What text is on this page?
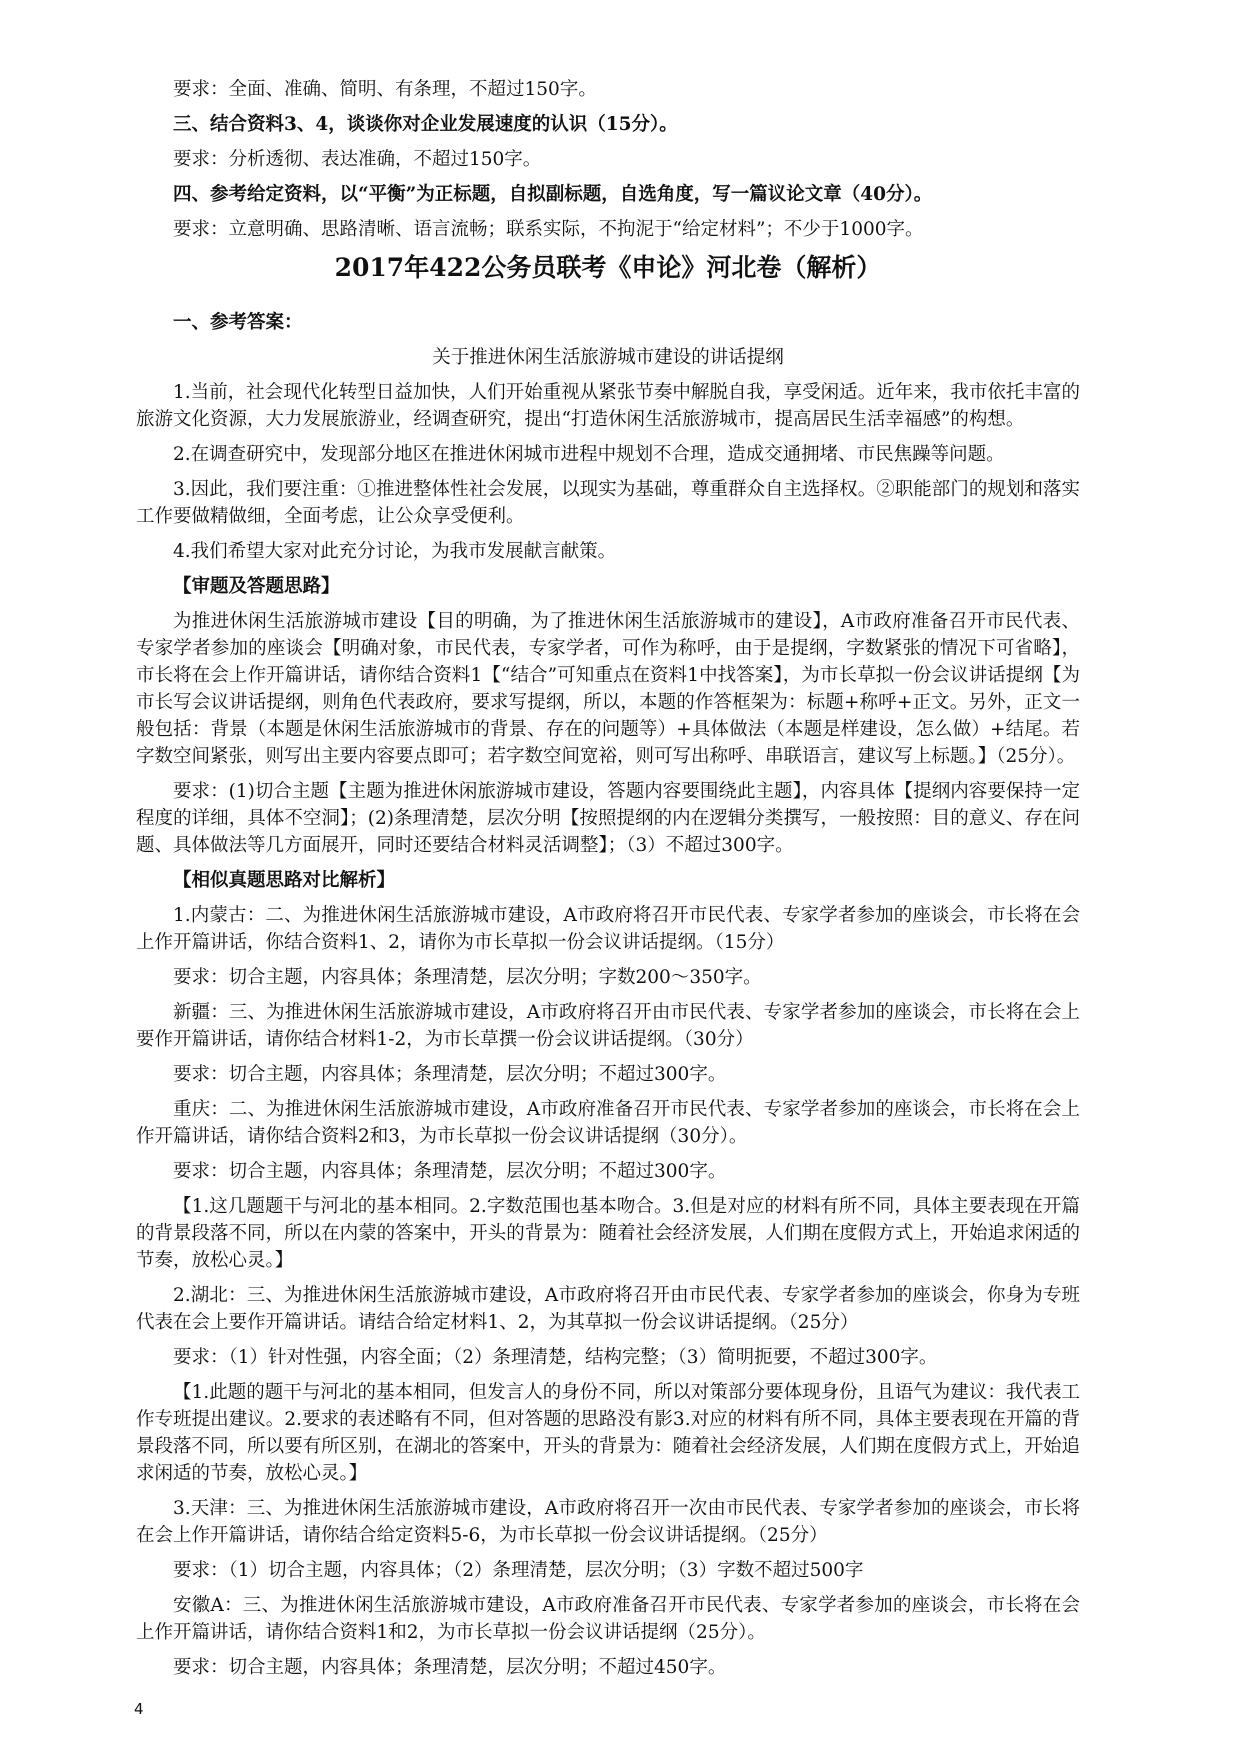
要求：全面、准确、简明、有条理，不超过150字。

三、结合资料3、4，谈谈你对企业发展速度的认识（15分）。

要求：分析透彻、表达准确，不超过150字。

四、参考给定资料，以“平衡”为正标题，自拟副标题，自选角度，写一篇议论文章（40分）。

要求：立意明确、思路清晰、语言流畅；联系实际，不拘泥于“给定材料”；不少于1000字。

2017年422公务员联考《申论》河北卷（解析）

一、参考答案：

关于推进休闲生活旅游城市建设的讲话提纲

1.当前，社会现代化转型日益加快，人们开始重视从紧张节奏中解脱自我，享受闲适。近年来，我市依托丰富的旅游文化资源，大力发展旅游业，经调查研究，提出“打造休闲生活旅游城市，提高居民生活幸福感”的构想。

2.在调查研究中，发现部分地区在推进休闲城市进程中规划不合理，造成交通拥堵、市民焦躁等问题。

3.因此，我们要注重：①推进整体性社会发展，以现实为基础，尊重群众自主选择权。②职能部门的规划和落实工作要做精做细，全面考虑，让公众享受便利。

4.我们希望大家对此充分讨论，为我市发展献言献策。

【审题及答题思路】

为推进休闲生活旅游城市建设【目的明确，为了推进休闲生活旅游城市的建设】，A市政府准备召开市民代表、专家学者参加的座谈会【明确对象，市民代表，专家学者，可作为称呼，由于是提纲，字数紧张的情况下可省略】，市长将在会上作开篇讲话，请你结合资料1【“结合”可知重点在资料1中找答案】，为市长草拟一份会议讲话提纲【为市长写会议讲话提纲，则角色代表政府，要求写提纲，所以，本题的作答框架为：标题+称呼+正文。另外，正文一般包括：背景（本题是休闲生活旅游城市的背景、存在的问题等）+具体做法（本题是样建设，怎么做）+结尾。若字数空间紧张，则写出主要内容要点即可；若字数空间宽裕，则可写出称呼、串联语言，建议写上标题。】（25分）。

要求：(1)切合主题【主题为推进休闲旅游城市建设，答题内容要围绕此主题】，内容具体【提纲内容要保持一定程度的详细，具体不空洞】；(2)条理清楚，层次分明【按照提纲的内在逻辑分类撰写，一般按照：目的意义、存在问题、具体做法等几方面展开，同时还要结合材料灵活调整】；（3）不超过300字。

【相似真题思路对比解析】

1.内蒙古：二、为推进休闲生活旅游城市建设，A市政府将召开市民代表、专家学者参加的座谈会，市长将在会上作开篇讲话，你结合资料1、2，请你为市长草拟一份会议讲话提纲。（15分）

要求：切合主题，内容具体；条理清楚，层次分明；字数200～350字。

新疆：三、为推进休闲生活旅游城市建设，A市政府将召开由市民代表、专家学者参加的座谈会，市长将在会上要作开篇讲话，请你结合材料1-2，为市长草撰一份会议讲话提纲。（30分）

要求：切合主题，内容具体；条理清楚，层次分明；不超过300字。

重庆：二、为推进休闲生活旅游城市建设，A市政府准备召开市民代表、专家学者参加的座谈会，市长将在会上作开篇讲话，请你结合资料2和3，为市长草拟一份会议讲话提纲（30分）。

要求：切合主题，内容具体；条理清楚，层次分明；不超过300字。

【1.这几题题干与河北的基本相同。2.字数范围也基本吻合。3.但是对应的材料有所不同，具体主要表现在开篇的背景段落不同，所以在内蒙的答案中，开头的背景为：随着社会经济发展，人们期在度假方式上，开始追求闲适的节奏，放松心灵。】

2.湖北：三、为推进休闲生活旅游城市建设，A市政府将召开由市民代表、专家学者参加的座谈会，你身为专班代表在会上要作开篇讲话。请结合给定材料1、2，为其草拟一份会议讲话提纲。（25分）

要求：（1）针对性强，内容全面；（2）条理清楚，结构完整；（3）简明扼要，不超过300字。

【1.此题的题干与河北的基本相同，但发言人的身份不同，所以对策部分要体现身份，且语气为建议：我代表工作专班提出建议。2.要求的表述略有不同，但对答题的思路没有影3.对应的材料有所不同，具体主要表现在开篇的背景段落不同，所以要有所区别，在湖北的答案中，开头的背景为：随着社会经济发展，人们期在度假方式上，开始追求闲适的节奏，放松心灵。】

3.天津：三、为推进休闲生活旅游城市建设，A市政府将召开一次由市民代表、专家学者参加的座谈会，市长将在会上作开篇讲话，请你结合给定资料5-6，为市长草拟一份会议讲话提纲。（25分）

要求：（1）切合主题，内容具体；（2）条理清楚，层次分明；（3）字数不超过500字

安徽A：三、为推进休闲生活旅游城市建设，A市政府准备召开市民代表、专家学者参加的座谈会，市长将在会上作开篇讲话，请你结合资料1和2，为市长草拟一份会议讲话提纲（25分）。

要求：切合主题，内容具体；条理清楚，层次分明；不超过450字。

4
